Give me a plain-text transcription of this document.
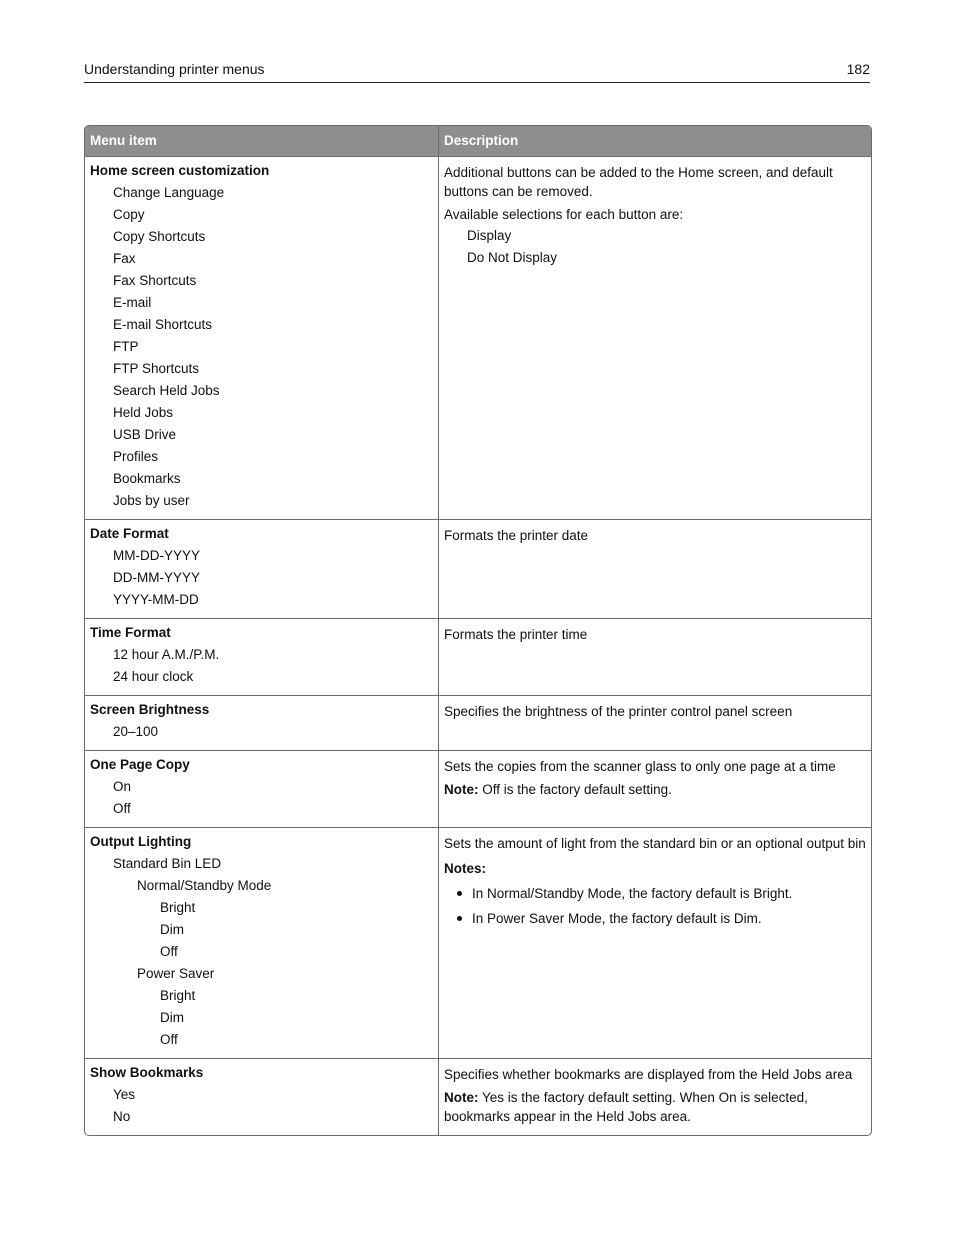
Understanding printer menus	182
Menu item	Description
Home screen customization
Change Language
Copy
Copy Shortcuts
Fax
Fax Shortcuts
E-mail
E-mail Shortcuts
FTP
FTP Shortcuts
Search Held Jobs
Held Jobs
USB Drive
Profiles
Bookmarks
Jobs by user

Additional buttons can be added to the Home screen, and default buttons can be removed.

Available selections for each button are:

Display
Do Not Display
Date Format
MM-DD-YYYY
DD-MM-YYYY
YYYY-MM-DD

Formats the printer date

Time Format
12 hour A.M./P.M.
24 hour clock

Formats the printer time

Screen Brightness
20–100

Specifies the brightness of the printer control panel screen

One Page Copy
On
Off

Sets the copies from the scanner glass to only one page at a time

Note: Off is the factory default setting.

Output Lighting
Standard Bin LED
Normal/Standby Mode
Bright
Dim
Off
Power Saver
Bright
Dim
Off

Sets the amount of light from the standard bin or an optional output bin

Notes:

In Normal/Standby Mode, the factory default is Bright.
In Power Saver Mode, the factory default is Dim.
Show Bookmarks
Yes
No

Specifies whether bookmarks are displayed from the Held Jobs area

Note: Yes is the factory default setting. When On is selected, bookmarks appear in the Held Jobs area.
